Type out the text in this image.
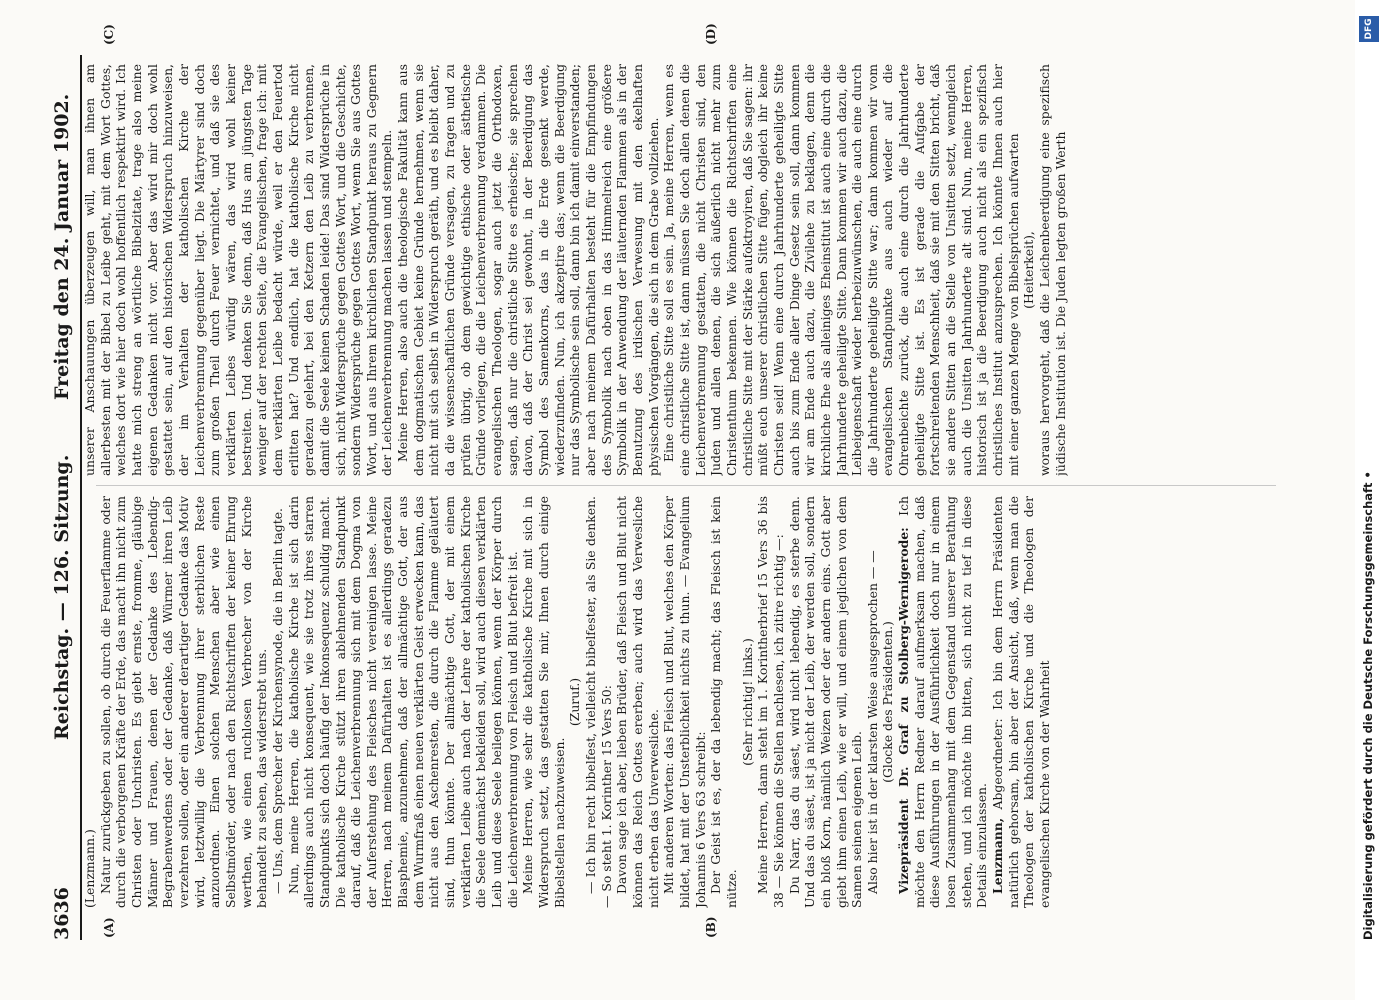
3636
Reichstag. — 126. Sitzung.
Freitag den 24. Januar 1902.
(A)	(B)
(C)	(D)

(Lenzmann.) Natur zurückgeben zu sollen, ob durch die Feuerflamme oder durch die verborgenen Kräfte der Erde, das macht ihn nicht zum Christen oder Unchristen. Es giebt ernste, fromme, gläubige Männer und Frauen, denen der Gedanke des Lebendig-Begrabenwerdens oder der Gedanke, daß Würmer ihren Leib verzehren sollen, oder ein anderer derartiger Gedanke das Motiv wird, letztwillig die Verbrennung ihrer sterblichen Reste anzuordnen. Einen solchen Menschen aber wie einen Selbstmörder, oder nach den Richtschriften der keiner Ehrung werthen, wie einen ruchlosen Verbrecher von der Kirche behandelt zu sehen, das widerstrebt uns. — Uns, dem Sprecher der Kirchensynode, die in Berlin tagte. Nun, meine Herren, die katholische Kirche ist sich darin allerdings auch nicht konsequent, wie sie trotz ihres starren Standpunkts sich doch häufig der Inkonsequenz schuldig macht. Die katholische Kirche stützt ihren ablehnenden Standpunkt darauf, daß die Leichenverbrennung sich mit dem Dogma von der Auferstehung des Fleisches nicht vereinigen lasse. Meine Herren, nach meinem Dafürhalten ist es allerdings geradezu Blasphemie, anzunehmen, daß der allmächtige Gott, der aus dem Wurmfraß einen neuen verklärten Geist erwecken kann, das nicht aus den Aschenresten, die durch die Flamme geläutert sind, thun könnte. Der allmächtige Gott, der mit einem verklärten Leibe auch nach der Lehre der katholischen Kirche die Seele demnächst bekleiden soll, wird auch diesen verklärten Leib und diese Seele beilegen können, wenn der Körper durch die Leichenverbrennung von Fleisch und Blut befreit ist. Meine Herren, wie sehr die katholische Kirche mit sich in Widerspruch setzt, das gestatten Sie mir, Ihnen durch einige Bibelstellen nachzuweisen.

(Zuruf.) — Ich bin recht bibelfest, vielleicht bibelfester, als Sie denken. — So steht 1. Korinther 15 Vers 50: Davon sage ich aber, lieben Brüder, daß Fleisch und Blut nicht können das Reich Gottes ererben; auch wird das Verwesliche nicht erben das Unverwesliche. Mit anderen Worten: das Fleisch und Blut, welches den Körper bildet, hat mit der Unsterblichkeit nichts zu thun. — Evangelium Johannis 6 Vers 63 schreibt: Der Geist ist es, der da lebendig macht; das Fleisch ist kein nütze.

(Sehr richtig! links.) Meine Herren, dann steht im 1. Korintherbrief 15 Vers 36 bis 38 — Sie können die Stellen nachlesen, ich zitire richtig —: Du Narr, das du säest, wird nicht lebendig, es sterbe denn. Und das du säest, ist ja nicht der Leib, der werden soll, sondern ein bloß Korn, nämlich Weizen oder der andern eins. Gott aber giebt ihm einen Leib, wie er will, und einem jeglichen von dem Samen seinen eigenen Leib. Also hier ist in der klarsten Weise ausgesprochen — — (Glocke des Präsidenten.) Vizepräsident Dr. Graf zu Stolberg-Wernigerode: Ich möchte den Herrn Redner darauf aufmerksam machen, daß diese Ausführungen in der Ausführlichkeit doch nur in einem losen Zusammenhang mit dem Gegenstand unserer Berathung stehen, und ich möchte ihn bitten, sich nicht zu tief in diese Details einzulassen. Lenzmann, Abgeordneter: Ich bin dem Herrn Präsidenten natürlich gehorsam, bin aber der Ansicht, daß, wenn man die Theologen der katholischen Kirche und die Theologen der evangelischen Kirche von der Wahrheit

unserer Anschauungen überzeugen will, man ihnen am allerbesten mit der Bibel zu Leibe geht, mit dem Wort Gottes, welches dort wie hier doch wohl hoffentlich respektirt wird. Ich hatte mich streng an wörtliche Bibelzitate, trage also meine eigenen Gedanken nicht vor. Aber das wird mir doch wohl gestattet sein, auf den historischen Widerspruch hinzuweisen, der im Verhalten der katholischen Kirche der Leichenverbrennung gegenüber liegt. Die Märtyrer sind doch zum großen Theil durch Feuer vernichtet, und daß sie des verklärten Leibes würdig wären, das wird wohl keiner bestreiten. Und denken Sie denn, daß Hus am jüngsten Tage weniger auf der rechten Seite, die Evangelischen, frage ich: mit dem verklärten Leibe bedacht würde, weil er den Feuertod erlitten hat? Und endlich, hat die katholische Kirche nicht geradezu gelehrt, bei den Ketzern den Leib zu verbrennen, damit die Seele keinen Schaden leide! Das sind Widersprüche in sich, nicht Widersprüche gegen Gottes Wort, und die Geschichte, sondern Widersprüche gegen Gottes Wort, wenn Sie aus Gottes Wort, und aus Ihrem kirchlichen Standpunkt heraus zu Gegnern der Leichenverbrennung machen lassen und stempeln. Meine Herren, also auch die theologische Fakultät kann aus dem dogmatischen Gebiet keine Gründe hernehmen, wenn sie nicht mit sich selbst in Widerspruch geräth, und es bleibt daher, da die wissenschaftlichen Gründe versagen, zu fragen und zu prüfen übrig, ob dem gewichtige ethische oder ästhetische Gründe vorliegen, die die Leichenverbrennung verdammen. Die evangelischen Theologen, sogar auch jetzt die Orthodoxen, sagen, daß nur die christliche Sitte es erheische; sie sprechen davon, daß der Christ sei gewohnt, in der Beerdigung das Symbol des Samenkorns, das in die Erde gesenkt werde, wiederzufinden. Nun, ich akzeptire das; wenn die Beerdigung nur das Symbolische sein soll, dann bin ich damit einverstanden; aber nach meinem Dafürhalten besteht für die Empfindungen des Symbolik nach oben in das Himmelreich eine größere Symbolik in der Anwendung der läuternden Flammen als in der Benutzung des irdischen Verwesung mit den ekelhaften physischen Vorgängen, die sich in dem Grabe vollziehen. Eine christliche Sitte soll es sein. Ja, meine Herren, wenn es eine christliche Sitte ist, dann müssen Sie doch allen denen die Leichenverbrennung gestatten, die nicht Christen sind, den Juden und allen denen, die sich äußerlich nicht mehr zum Christenthum bekennen. Wie können die Richtschriften eine christliche Sitte mit der Stärke aufoktroyiren, daß Sie sagen: ihr müßt euch unserer christlichen Sitte fügen, obgleich ihr keine Christen seid! Wenn eine durch Jahrhunderte geheiligte Sitte auch bis zum Ende aller Dinge Gesetz sein soll, dann kommen wir am Ende auch dazu, die Zivilehe zu beklagen, denn die kirchliche Ehe als alleiniges Eheinstitut ist auch eine durch die Jahrhunderte geheiligte Sitte. Dann kommen wir auch dazu, die Leibeigenschaft wieder herbeizuwünschen, die auch eine durch die Jahrhunderte geheiligte Sitte war; dann kommen wir vom evangelischen Standpunkte aus auch wieder auf die Ohrenbeichte zurück, die auch eine durch die Jahrhunderte geheiligte Sitte ist. Es ist gerade die Aufgabe der fortschreitenden Menschheit, daß sie mit den Sitten bricht, daß sie andere Sitten an die Stelle von Unsitten setzt, wenngleich auch die Unsitten Jahrhunderte alt sind. Nun, meine Herren, historisch ist ja die Beerdigung auch nicht als ein spezifisch christliches Institut anzusprechen. Ich könnte Ihnen auch hier mit einer ganzen Menge von Bibelsprüchen aufwarten (Heiterkeit), woraus hervorgeht, daß die Leichenbeerdigung eine spezifisch jüdische Institution ist. Die Juden legten großen Werth

Digitalisierung gefördert durch die Deutsche Forschungsgemeinschaft •
DFG
